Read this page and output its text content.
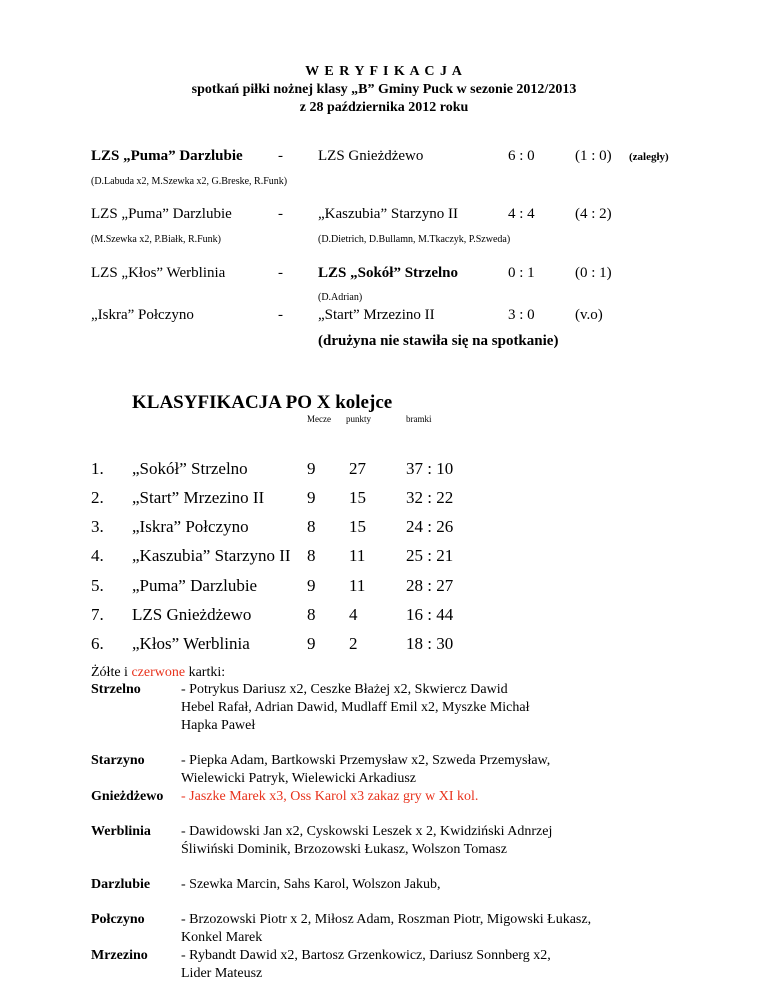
W E R Y F I K A C J A
spotkań piłki nożnej klasy „B” Gminy Puck w sezonie 2012/2013
z 28 października 2012 roku
LZS „Puma” Darzlubie - LZS Gnieżdżewo	6 : 0	(1 : 0) (zaległy)
(D.Labuda x2, M.Szewka x2, G.Breske, R.Funk)
LZS „Puma” Darzlubie	- „Kaszubia” Starzyno II	4 : 4	(4 : 2)
(M.Szewka x2, P.Białk, R.Funk)	(D.Dietrich, D.Bullamn, M.Tkaczyk, P.Szweda)
LZS „Kłos” Werblinia	- LZS „Sokół” Strzelno	0 : 1	(0 : 1)
(D.Adrian)
„Iskra” Połczyno	- „Start” Mrzezino II	3 : 0	(v.o)
(drużyna nie stawiła się na spotkanie)
KLASYFIKACJA PO X kolejce
Mecze punkty	bramki
1. „Sokół” Strzelno	9 27 37 : 10
2. „Start” Mrzezino II	9 15 32 : 22
3. „Iskra” Połczyno	8 15 24 : 26
4. „Kaszubia” Starzyno II 8 11 25 : 21
5. „Puma” Darzlubie	9 11 28 : 27
7. LZS Gnieżdżewo	8 4	16 : 44
6. „Kłos” Werblinia	9 2	18 : 30
Żółte i czerwone kartki:
Strzelno	- Potrykus Dariusz x2, Ceszke Błażej x2, Skwiercz Dawid
Hebel Rafał, Adrian Dawid, Mudlaff Emil x2, Myszke Michał
Hapka Paweł
Starzyno	- Piepka Adam, Bartkowski Przemysław x2, Szweda Przemysław,
Wielewicki Patryk, Wielewicki Arkadiusz
Gnieżdżewo - Jaszke Marek x3, Oss Karol x3 zakaz gry w XI kol.
Werblinia - Dawidowski Jan x2, Cyskowski Leszek x 2, Kwidziński Adnrzej
Śliwiński Dominik, Brzozowski Łukasz, Wolszon Tomasz
Darzlubie - Szewka Marcin, Sahs Karol, Wolszon Jakub,
Połczyno	- Brzozowski Piotr x 2, Miłosz Adam, Roszman Piotr, Migowski Łukasz,
Konkel Marek
Mrzezino - Rybandt Dawid x2, Bartosz Grzenkowicz, Dariusz Sonnberg x2,
Lider Mateusz
